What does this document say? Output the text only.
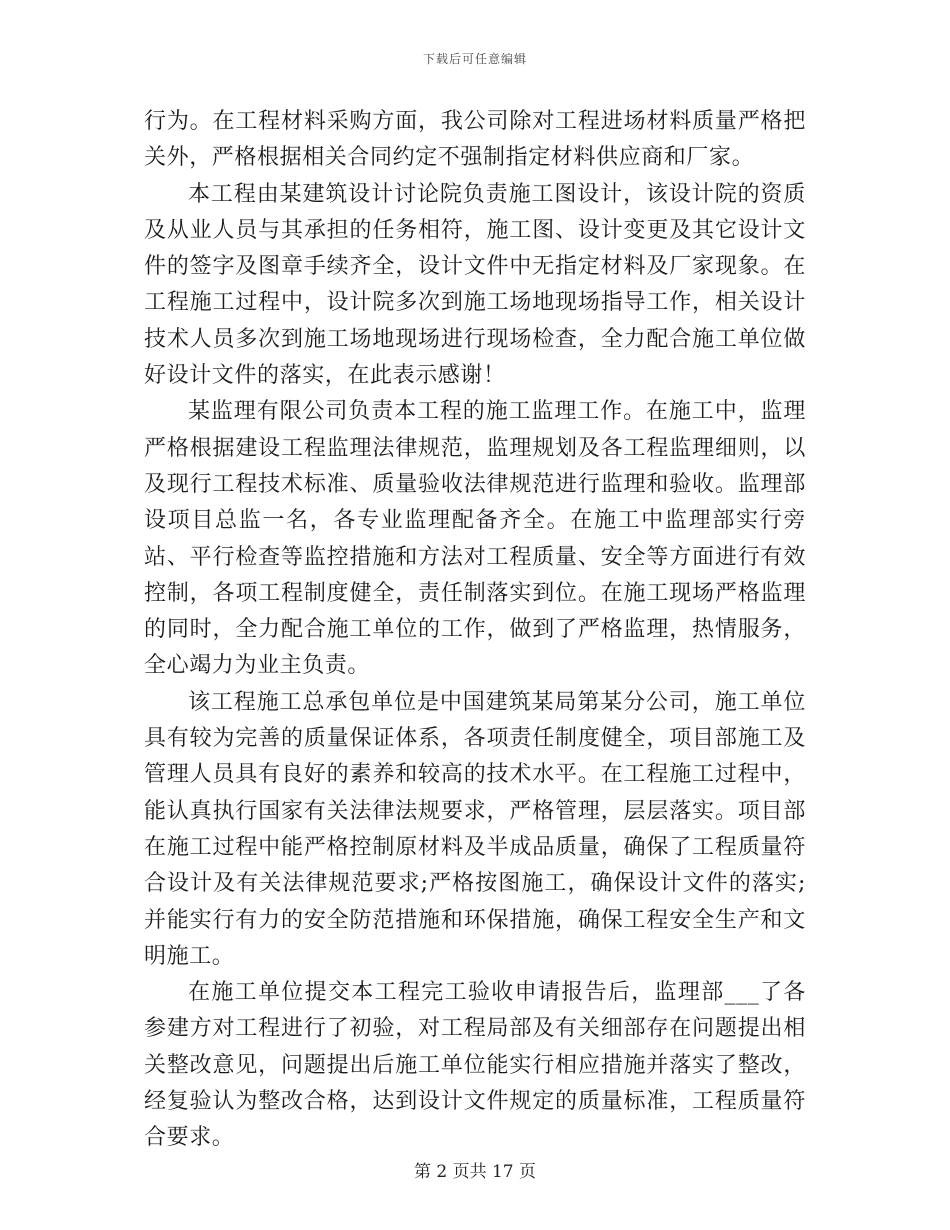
下载后可任意编辑

行为。在工程材料采购方面，我公司除对工程进场材料质量严格把关外，严格根据相关合同约定不强制指定材料供应商和厂家。

本工程由某建筑设计讨论院负责施工图设计，该设计院的资质及从业人员与其承担的任务相符，施工图、设计变更及其它设计文件的签字及图章手续齐全，设计文件中无指定材料及厂家现象。在工程施工过程中，设计院多次到施工场地现场指导工作，相关设计技术人员多次到施工场地现场进行现场检查，全力配合施工单位做好设计文件的落实，在此表示感谢！

某监理有限公司负责本工程的施工监理工作。在施工中，监理严格根据建设工程监理法律规范，监理规划及各工程监理细则，以及现行工程技术标准、质量验收法律规范进行监理和验收。监理部设项目总监一名，各专业监理配备齐全。在施工中监理部实行旁站、平行检查等监控措施和方法对工程质量、安全等方面进行有效控制，各项工程制度健全，责任制落实到位。在施工现场严格监理的同时，全力配合施工单位的工作，做到了严格监理，热情服务，全心竭力为业主负责。

该工程施工总承包单位是中国建筑某局第某分公司，施工单位具有较为完善的质量保证体系，各项责任制度健全，项目部施工及管理人员具有良好的素养和较高的技术水平。在工程施工过程中，能认真执行国家有关法律法规要求，严格管理，层层落实。项目部在施工过程中能严格控制原材料及半成品质量，确保了工程质量符合设计及有关法律规范要求;严格按图施工，确保设计文件的落实;并能实行有力的安全防范措施和环保措施，确保工程安全生产和文明施工。

在施工单位提交本工程完工验收申请报告后，监理部___了各参建方对工程进行了初验，对工程局部及有关细部存在问题提出相关整改意见，问题提出后施工单位能实行相应措施并落实了整改，经复验认为整改合格，达到设计文件规定的质量标准，工程质量符合要求。

第 2 页共 17 页
